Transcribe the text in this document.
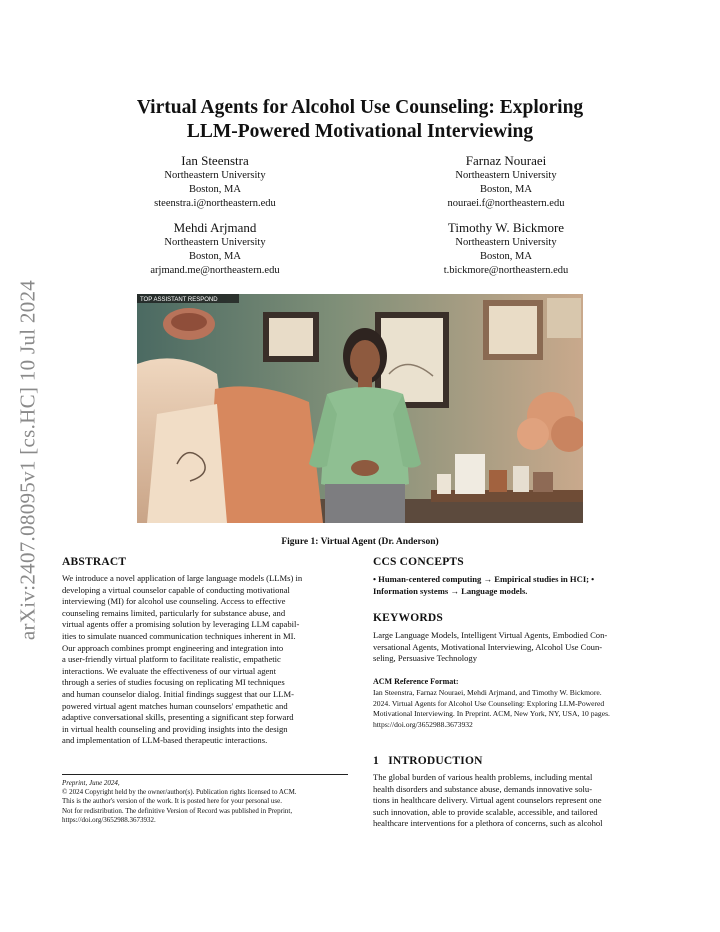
Virtual Agents for Alcohol Use Counseling: Exploring
LLM-Powered Motivational Interviewing
Ian Steenstra
Northeastern University
Boston, MA
steenstra.i@northeastern.edu
Farnaz Nouraei
Northeastern University
Boston, MA
nouraei.f@northeastern.edu
Mehdi Arjmand
Northeastern University
Boston, MA
arjmand.me@northeastern.edu
Timothy W. Bickmore
Northeastern University
Boston, MA
t.bickmore@northeastern.edu
arXiv:2407.08095v1 [cs.HC] 10 Jul 2024	TOP ASSISTANT RESPOND
Figure 1: Virtual Agent (Dr. Anderson)
ABSTRACT
We introduce a novel application of large language models (LLMs) in
developing a virtual counselor capable of conducting motivational
interviewing (MI) for alcohol use counseling. Access to effective
counseling remains limited, particularly for substance abuse, and
virtual agents offer a promising solution by leveraging LLM capabil-
ities to simulate nuanced communication techniques inherent in MI.
Our approach combines prompt engineering and integration into
a user-friendly virtual platform to facilitate realistic, empathetic
interactions. We evaluate the effectiveness of our virtual agent
through a series of studies focusing on replicating MI techniques
and human counselor dialog. Initial findings suggest that our LLM-
powered virtual agent matches human counselors' empathetic and
adaptive conversational skills, presenting a significant step forward
in virtual health counseling and providing insights into the design
and implementation of LLM-based therapeutic interactions.
Preprint, June 2024,
© 2024 Copyright held by the owner/author(s). Publication rights licensed to ACM.
This is the author's version of the work. It is posted here for your personal use.
Not for redistribution. The definitive Version of Record was published in Preprint,
https://doi.org/3652988.3673932.
CCS CONCEPTS
• Human-centered computing → Empirical studies in HCI; •
Information systems → Language models.
KEYWORDS
Large Language Models, Intelligent Virtual Agents, Embodied Con-
versational Agents, Motivational Interviewing, Alcohol Use Coun-
seling, Persuasive Technology
ACM Reference Format:
Ian Steenstra, Farnaz Nouraei, Mehdi Arjmand, and Timothy W. Bickmore.
2024. Virtual Agents for Alcohol Use Counseling: Exploring LLM-Powered
Motivational Interviewing. In Preprint. ACM, New York, NY, USA, 10 pages.
https://doi.org/3652988.3673932
1 INTRODUCTION
The global burden of various health problems, including mental
health disorders and substance abuse, demands innovative solu-
tions in healthcare delivery. Virtual agent counselors represent one
such innovation, able to provide scalable, accessible, and tailored
healthcare interventions for a plethora of concerns, such as alcohol
